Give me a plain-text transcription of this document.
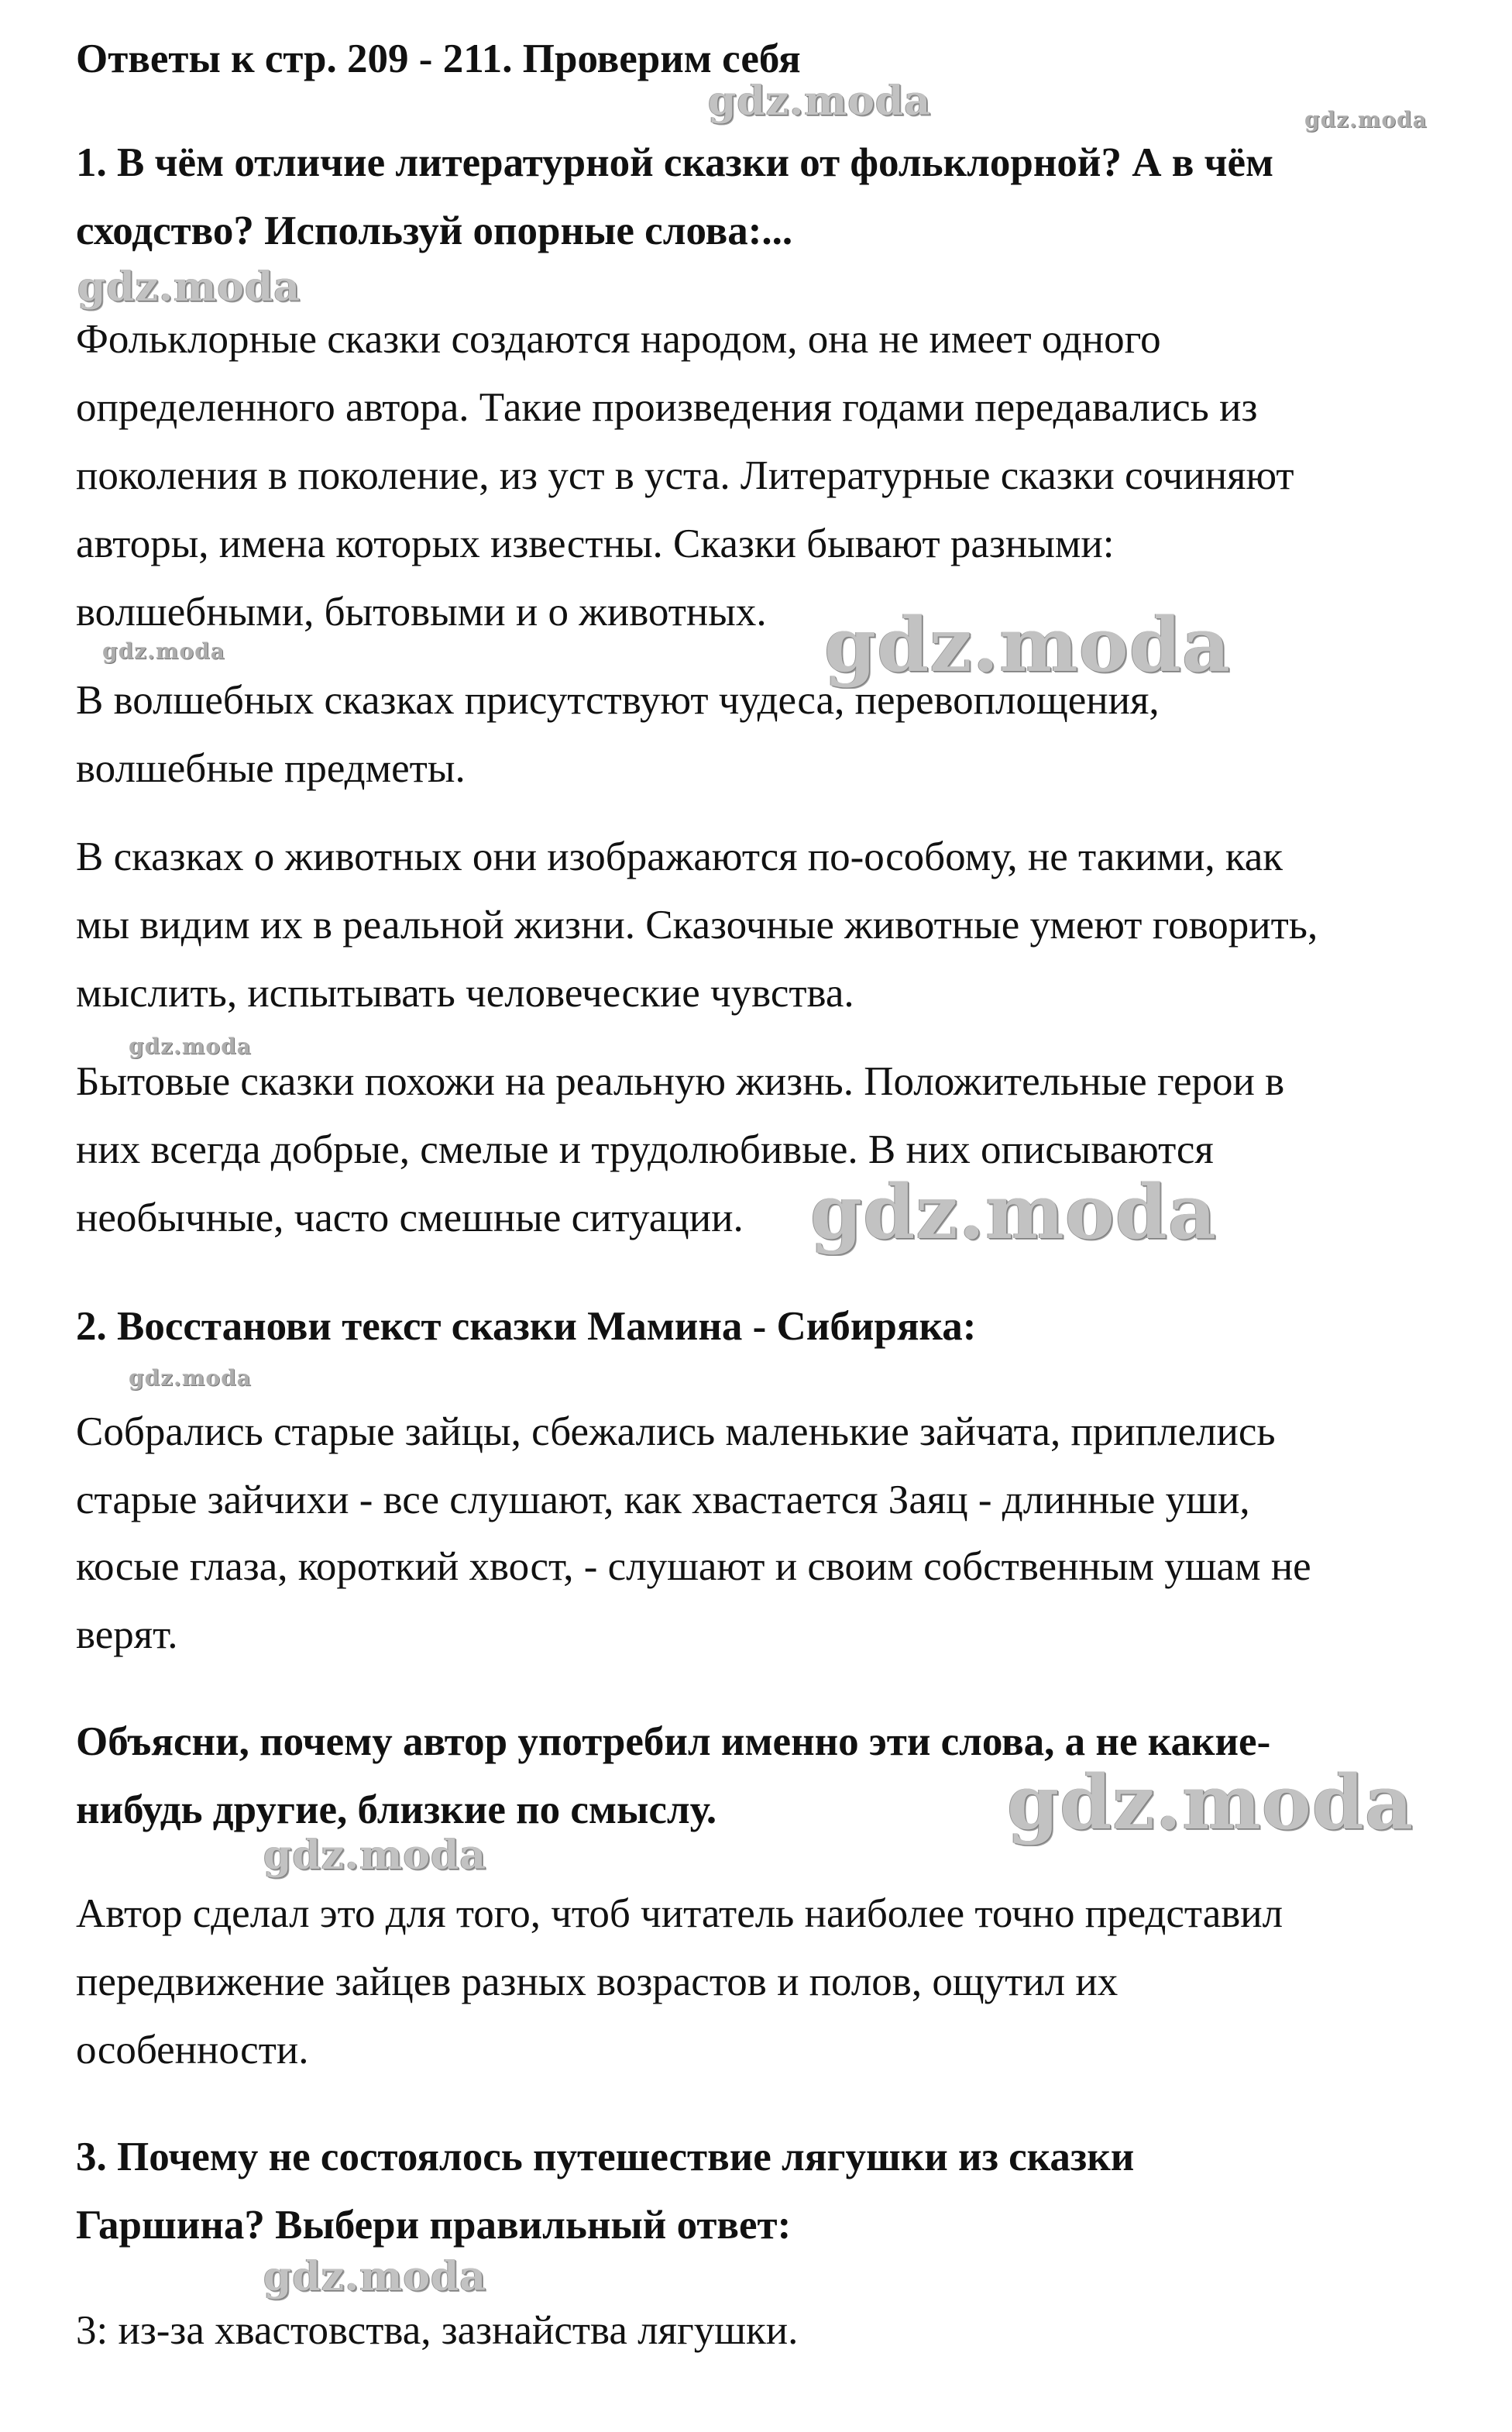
Ответы к стр. 209 - 211. Проверим себя
1. В чём отличие литературной сказки от фольклорной? А в чём
сходство? Используй опорные слова:...
Фольклорные сказки создаются народом, она не имеет одного
определенного автора. Такие произведения годами передавались из
поколения в поколение, из уст в уста. Литературные сказки сочиняют
авторы, имена которых известны. Сказки бывают разными:
волшебными, бытовыми и о животных.
В волшебных сказках присутствуют чудеса, перевоплощения,
волшебные предметы.
В сказках о животных они изображаются по-особому, не такими, как
мы видим их в реальной жизни. Сказочные животные умеют говорить,
мыслить, испытывать человеческие чувства.
Бытовые сказки похожи на реальную жизнь. Положительные герои в
них всегда добрые, смелые и трудолюбивые. В них описываются
необычные, часто смешные ситуации.
2. Восстанови текст сказки Мамина - Сибиряка:
Собрались старые зайцы, сбежались маленькие зайчата, приплелись
старые зайчихи - все слушают, как хвастается Заяц - длинные уши,
косые глаза, короткий хвост, - слушают и своим собственным ушам не
верят.
Объясни, почему автор употребил именно эти слова, а не какие-
нибудь другие, близкие по смыслу.
Автор сделал это для того, чтоб читатель наиболее точно представил
передвижение зайцев разных возрастов и полов, ощутил их
особенности.
3. Почему не состоялось путешествие лягушки из сказки
Гаршина? Выбери правильный ответ:
3: из-за хвастовства, зазнайства лягушки.
gdz.moda	gdz.moda
gdz.moda
gdz.moda	gdz.moda
gdz.moda
gdz.moda
gdz.moda
gdz.moda
gdz.moda
gdz.moda
